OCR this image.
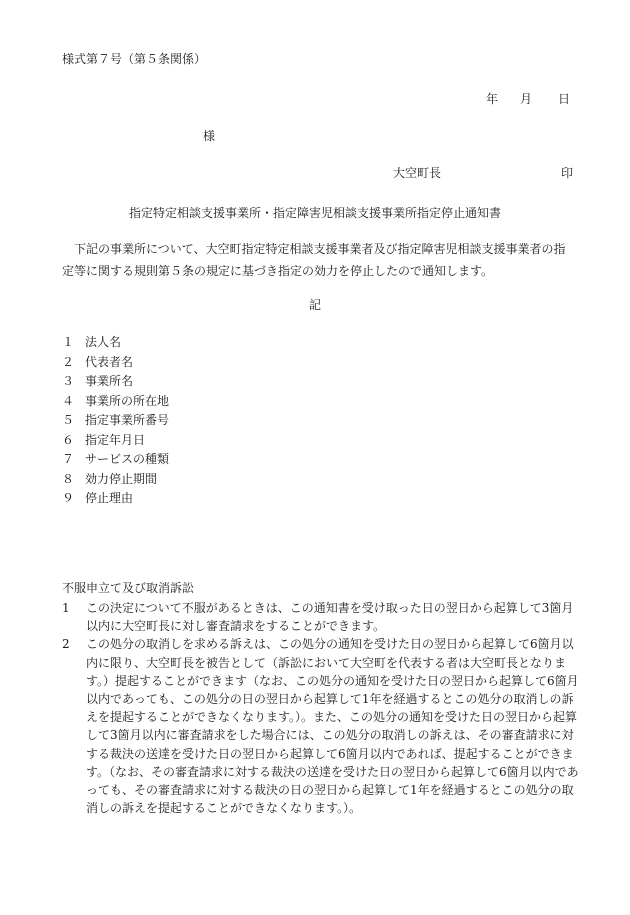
様式第７号（第５条関係）
年 月 日
様
大空町長	印
指定特定相談支援事業所・指定障害児相談支援事業所指定停止通知書
下記の事業所について、大空町指定特定相談支援事業者及び指定障害児相談支援事業者の指定等に関する規則第５条の規定に基づき指定の効力を停止したので通知します。
記
１ 法人名
２ 代表者名
３ 事業所名
４ 事業所の所在地
５ 指定事業所番号
６ 指定年月日
７ サービスの種類
８ 効力停止期間
９ 停止理由
不服申立て及び取消訴訟
1	この決定について不服があるときは、この通知書を受け取った日の翌日から起算して3箇月以内に大空町長に対し審査請求をすることができます。
2	この処分の取消しを求める訴えは、この処分の通知を受けた日の翌日から起算して6箇月以内に限り、大空町長を被告として（訴訟において大空町を代表する者は大空町長となります。）提起することができます（なお、この処分の通知を受けた日の翌日から起算して6箇月以内であっても、この処分の日の翌日から起算して1年を経過するとこの処分の取消しの訴えを提起することができなくなります。）。また、この処分の通知を受けた日の翌日から起算して3箇月以内に審査請求をした場合には、この処分の取消しの訴えは、その審査請求に対する裁決の送達を受けた日の翌日から起算して6箇月以内であれば、提起することができます。（なお、その審査請求に対する裁決の送達を受けた日の翌日から起算して6箇月以内であっても、その審査請求に対する裁決の日の翌日から起算して1年を経過するとこの処分の取消しの訴えを提起することができなくなります。）。
